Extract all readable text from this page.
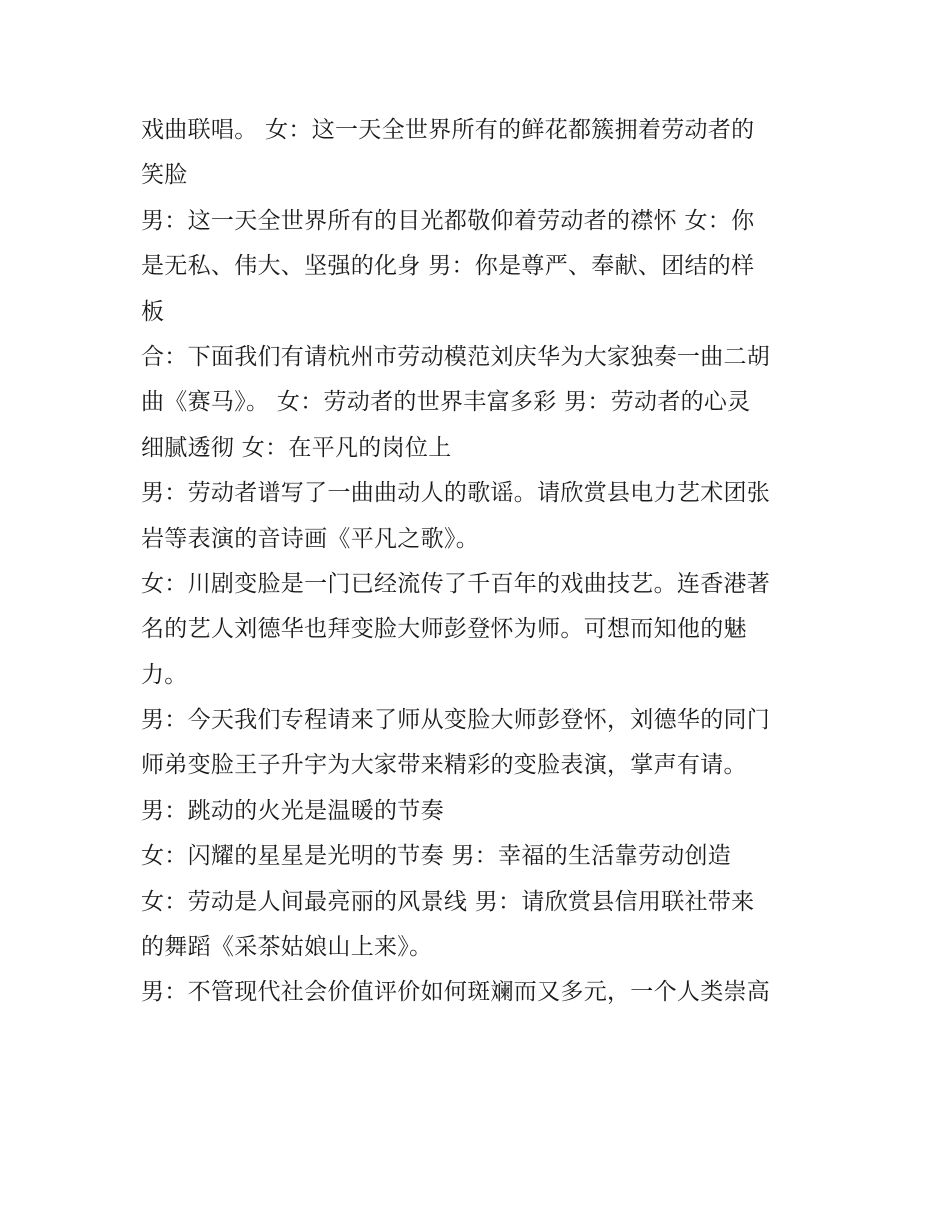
戏曲联唱。 女：这一天全世界所有的鲜花都簇拥着劳动者的
笑脸
男：这一天全世界所有的目光都敬仰着劳动者的襟怀 女：你
是无私、伟大、坚强的化身 男：你是尊严、奉献、团结的样
板
合：下面我们有请杭州市劳动模范刘庆华为大家独奏一曲二胡
曲《赛马》。 女：劳动者的世界丰富多彩 男：劳动者的心灵
细腻透彻 女：在平凡的岗位上
男：劳动者谱写了一曲曲动人的歌谣。请欣赏县电力艺术团张
岩等表演的音诗画《平凡之歌》。
女：川剧变脸是一门已经流传了千百年的戏曲技艺。连香港著
名的艺人刘德华也拜变脸大师彭登怀为师。可想而知他的魅
力。
男：今天我们专程请来了师从变脸大师彭登怀，刘德华的同门
师弟变脸王子升宇为大家带来精彩的变脸表演，掌声有请。
男：跳动的火光是温暖的节奏
女：闪耀的星星是光明的节奏 男：幸福的生活靠劳动创造
女：劳动是人间最亮丽的风景线 男：请欣赏县信用联社带来
的舞蹈《采茶姑娘山上来》。
男：不管现代社会价值评价如何斑斓而又多元，一个人类崇高
